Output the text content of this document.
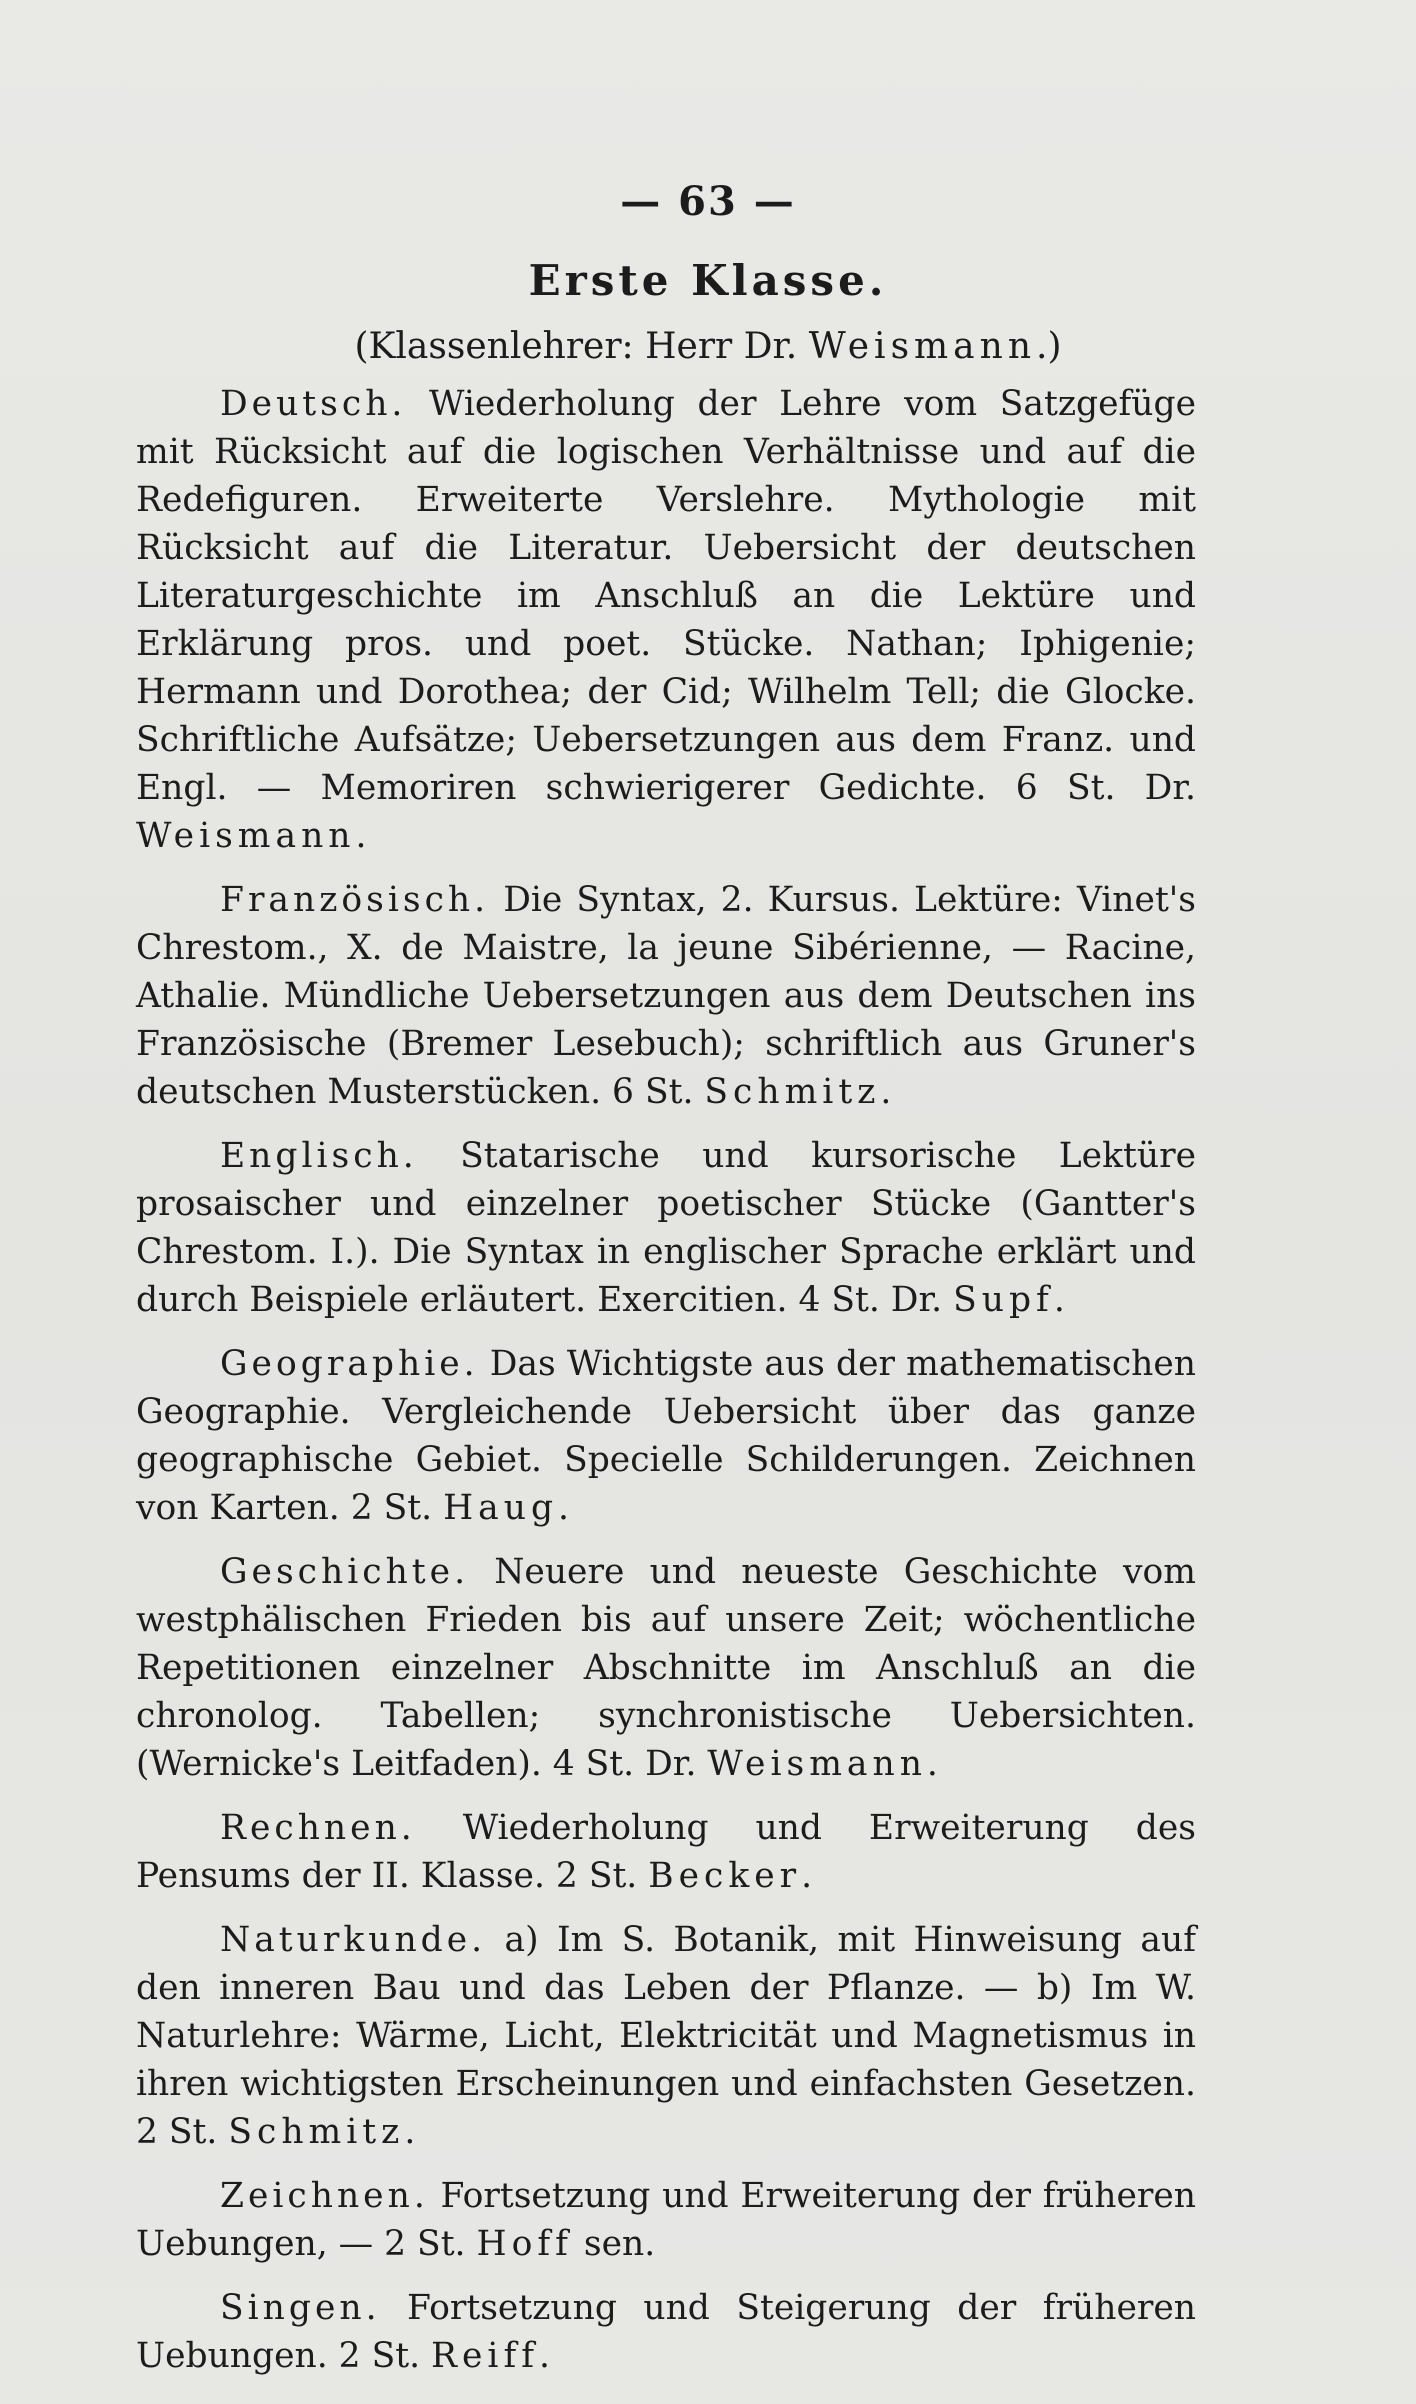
— 63 —
Erste Klasse.
(Klassenlehrer: Herr Dr. Weismann.)

Deutsch. Wiederholung der Lehre vom Satzgefüge mit Rücksicht auf die logischen Verhältnisse und auf die Redefiguren. Erweiterte Verslehre. Mythologie mit Rücksicht auf die Literatur. Uebersicht der deutschen Literaturgeschichte im Anschluß an die Lektüre und Erklärung pros. und poet. Stücke. Nathan; Iphigenie; Hermann und Dorothea; der Cid; Wilhelm Tell; die Glocke. Schriftliche Aufsätze; Uebersetzungen aus dem Franz. und Engl. — Memoriren schwierigerer Gedichte. 6 St. Dr. Weismann.

Französisch. Die Syntax, 2. Kursus. Lektüre: Vinet's Chrestom., X. de Maistre, la jeune Sibérienne, — Racine, Athalie. Mündliche Uebersetzungen aus dem Deutschen ins Französische (Bremer Lesebuch); schriftlich aus Gruner's deutschen Musterstücken. 6 St. Schmitz.

Englisch. Statarische und kursorische Lektüre prosaischer und einzelner poetischer Stücke (Gantter's Chrestom. I.). Die Syntax in englischer Sprache erklärt und durch Beispiele erläutert. Exercitien. 4 St. Dr. Supf.

Geographie. Das Wichtigste aus der mathematischen Geographie. Vergleichende Uebersicht über das ganze geographische Gebiet. Specielle Schilderungen. Zeichnen von Karten. 2 St. Haug.

Geschichte. Neuere und neueste Geschichte vom westphälischen Frieden bis auf unsere Zeit; wöchentliche Repetitionen einzelner Abschnitte im Anschluß an die chronolog. Tabellen; synchronistische Uebersichten. (Wernicke's Leitfaden). 4 St. Dr. Weismann.

Rechnen. Wiederholung und Erweiterung des Pensums der II. Klasse. 2 St. Becker.

Naturkunde. a) Im S. Botanik, mit Hinweisung auf den inneren Bau und das Leben der Pflanze. — b) Im W. Naturlehre: Wärme, Licht, Elektricität und Magnetismus in ihren wichtigsten Erscheinungen und einfachsten Gesetzen. 2 St. Schmitz.

Zeichnen. Fortsetzung und Erweiterung der früheren Uebungen, — 2 St. Hoff sen.

Singen. Fortsetzung und Steigerung der früheren Uebungen. 2 St. Reiff.
